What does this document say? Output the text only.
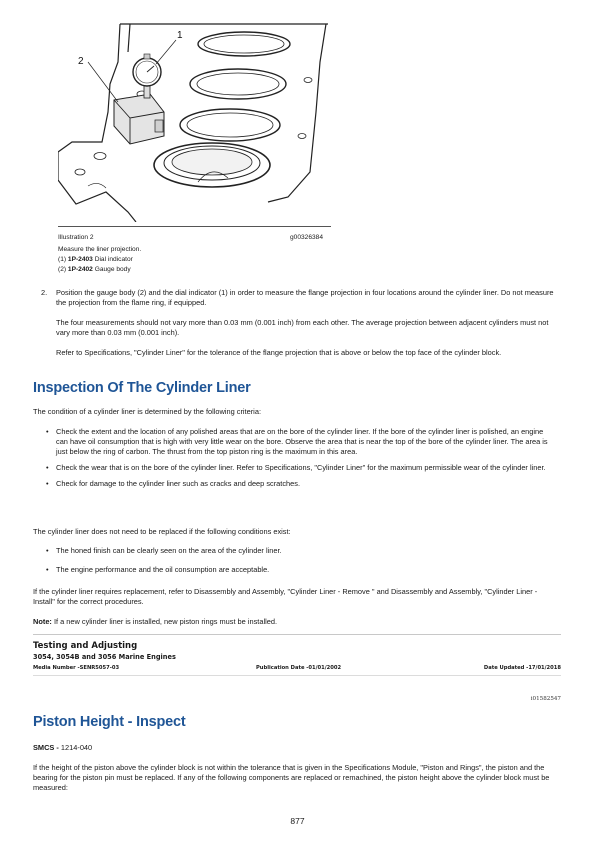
2
1
Illustration 2	g00326384
Measure the liner projection.
(1) 1P-2403 Dial indicator
(2) 1P-2402 Gauge body
2. Position the gauge body (2) and the dial indicator (1) in order to measure the flange projection in four locations around the cylinder liner. Do not measure the projection from the flame ring, if equipped.
The four measurements should not vary more than 0.03 mm (0.001 inch) from each other. The average projection between adjacent cylinders must not vary more than 0.03 mm (0.001 inch).
Refer to Specifications, "Cylinder Liner" for the tolerance of the flange projection that is above or below the top face of the cylinder block.
Inspection Of The Cylinder Liner
The condition of a cylinder liner is determined by the following criteria:
• Check the extent and the location of any polished areas that are on the bore of the cylinder liner. If the bore of the cylinder liner is polished, an engine can have oil consumption that is high with very little wear on the bore. Observe the area that is near the top of the bore of the cylinder liner. The area is just below the ring of carbon. The thrust from the top piston ring is the maximum in this area.
• Check the wear that is on the bore of the cylinder liner. Refer to Specifications, "Cylinder Liner" for the maximum permissible wear of the cylinder liner.
• Check for damage to the cylinder liner such as cracks and deep scratches.
The cylinder liner does not need to be replaced if the following conditions exist:
• The honed finish can be clearly seen on the area of the cylinder liner.
• The engine performance and the oil consumption are acceptable.
If the cylinder liner requires replacement, refer to Disassembly and Assembly, "Cylinder Liner - Remove " and Disassembly and Assembly, "Cylinder Liner - Install" for the correct procedures.
Note: If a new cylinder liner is installed, new piston rings must be installed.
Testing and Adjusting
3054, 3054B and 3056 Marine Engines
Media Number -SENR5057-03	Publication Date -01/01/2002	Date Updated -17/01/2018
i01582547
Piston Height - Inspect
SMCS - 1214-040
If the height of the piston above the cylinder block is not within the tolerance that is given in the Specifications Module, "Piston and Rings", the piston and the bearing for the piston pin must be replaced. If any of the following components are replaced or remachined, the piston height above the cylinder block must be measured:
877
